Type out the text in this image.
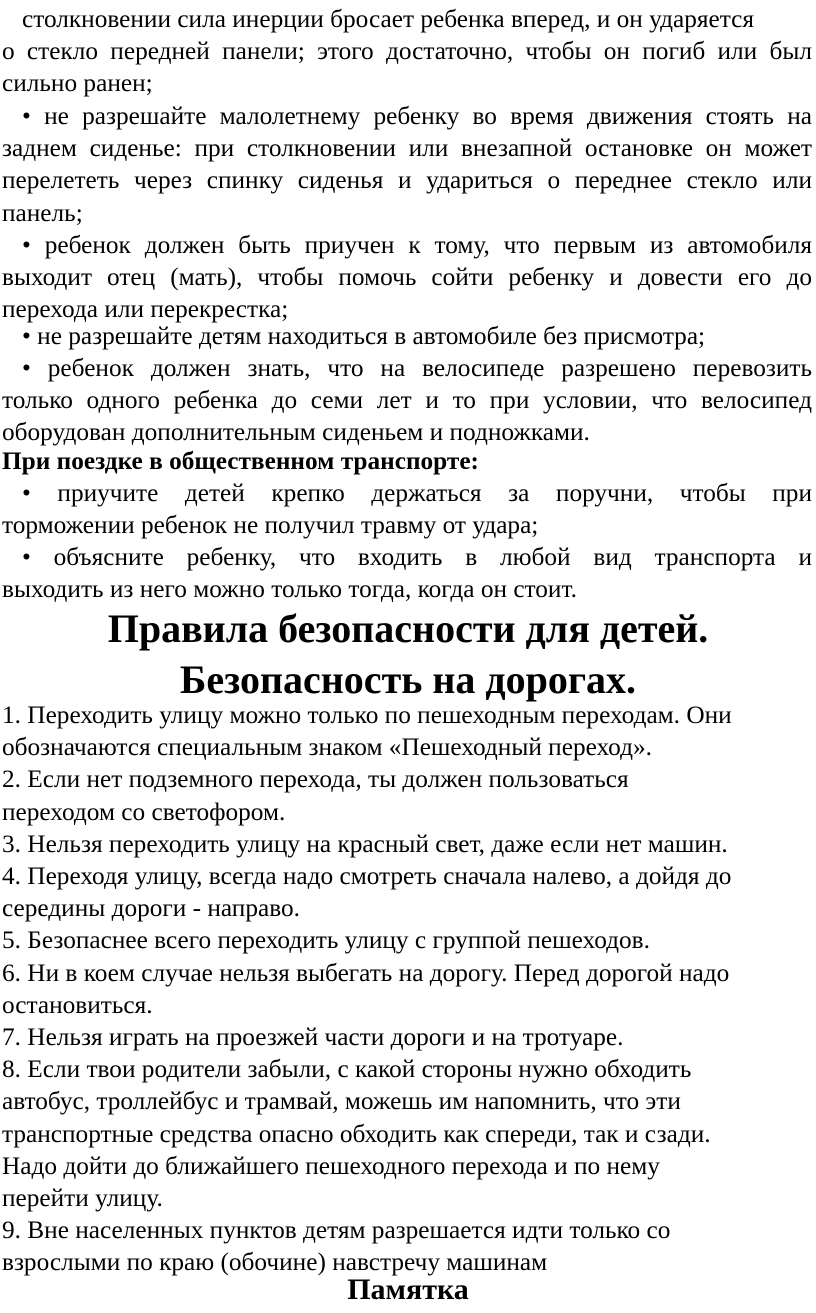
столкновении сила инерции бросает ребенка вперед, и он ударяется
о стекло передней панели; этого достаточно, чтобы он погиб или был
сильно ранен;
• не разрешайте малолетнему ребенку во время движения стоять на
заднем сиденье: при столкновении или внезапной остановке он может
перелететь через спинку сиденья и удариться о переднее стекло или
панель;
• ребенок должен быть приучен к тому, что первым из автомобиля
выходит отец (мать), чтобы помочь сойти ребенку и довести его до
перехода или перекрестка;
• не разрешайте детям находиться в автомобиле без присмотра;
• ребенок должен знать, что на велосипеде разрешено перевозить
только одного ребенка до семи лет и то при условии, что велосипед
оборудован дополнительным сиденьем и подножками.

При поездке в общественном транспорте:

• приучите детей крепко держаться за поручни, чтобы при
торможении ребенок не получил травму от удара;
• объясните ребенку, что входить в любой вид транспорта и
выходить из него можно только тогда, когда он стоит.
Правила безопасности для детей.
Безопасность на дорогах.
1. Переходить улицу можно только по пешеходным переходам. Они
обозначаются специальным знаком «Пешеходный переход».
2. Если нет подземного перехода, ты должен пользоваться
переходом со светофором.
3. Нельзя переходить улицу на красный свет, даже если нет машин.
4. Переходя улицу, всегда надо смотреть сначала налево, а дойдя до
середины дороги - направо.
5. Безопаснее всего переходить улицу с группой пешеходов.
6. Ни в коем случае нельзя выбегать на дорогу. Перед дорогой надо
остановиться.
7. Нельзя играть на проезжей части дороги и на тротуаре.
8. Если твои родители забыли, с какой стороны нужно обходить
автобус, троллейбус и трамвай, можешь им напомнить, что эти
транспортные средства опасно обходить как спереди, так и сзади.
Надо дойти до ближайшего пешеходного перехода и по нему
перейти улицу.
9. Вне населенных пунктов детям разрешается идти только со
взрослыми по краю (обочине) навстречу машинам
Памятка
